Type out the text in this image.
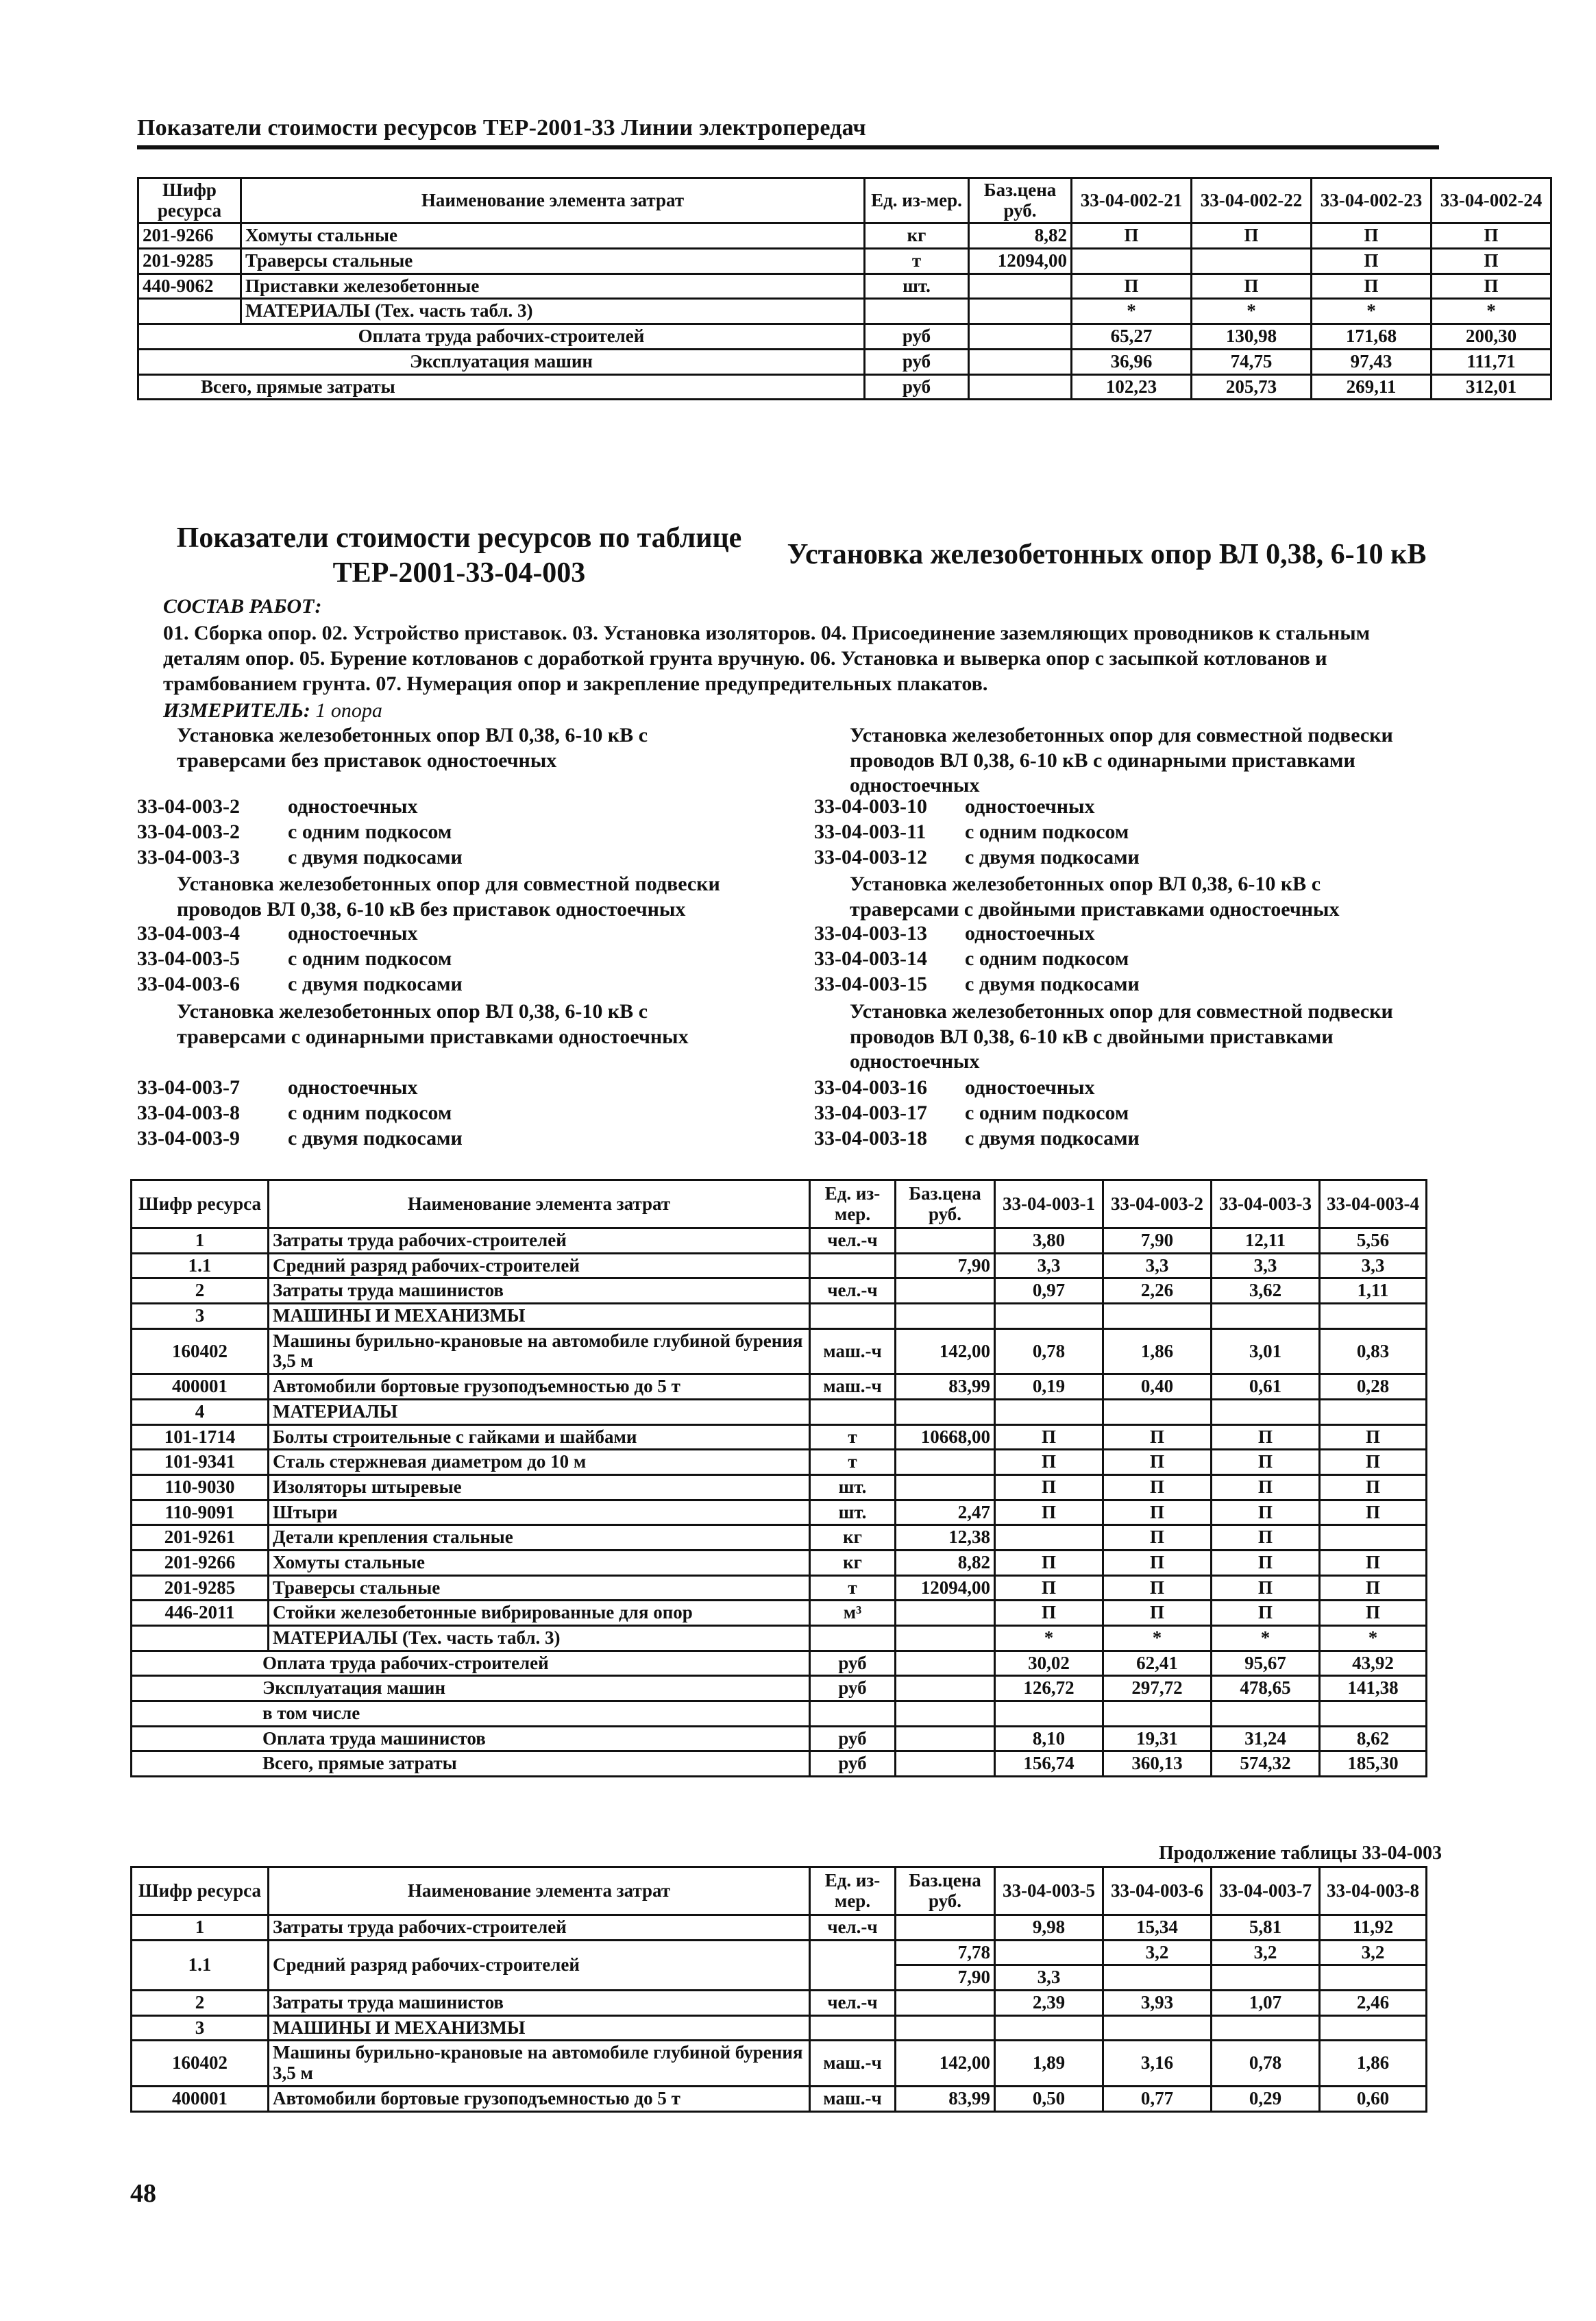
Показатели стоимости ресурсов ТЕР-2001-33 Линии электропередач
Шифр ресурса	Наименование элемента затрат	Ед. из-мер.	Баз.цена руб.	33-04-002-21	33-04-002-22	33-04-002-23	33-04-002-24
201-9266	Хомуты стальные	кг	8,82	П	П	П	П
201-9285	Траверсы стальные	т	12094,00			П	П
440-9062	Приставки железобетонные	шт.		П	П	П	П
	МАТЕРИАЛЫ (Тех. часть табл. 3)			*	*	*	*
Оплата труда рабочих-строителей		руб		65,27	130,98	171,68	200,30
Эксплуатация машин		руб		36,96	74,75	97,43	111,71
Всего, прямые затраты		руб		102,23	205,73	269,11	312,01
Показатели стоимости ресурсов по таблице ТЕР-2001-33-04-003
Установка железобетонных опор ВЛ 0,38, 6-10 кВ
СОСТАВ РАБОТ:
01. Сборка опор. 02. Устройство приставок. 03. Установка изоляторов. 04. Присоединение заземляющих проводников к стальным деталям опор. 05. Бурение котлованов с доработкой грунта вручную. 06. Установка и выверка опор с засыпкой котлованов и трамбованием грунта. 07. Нумерация опор и закрепление предупредительных плакатов.
ИЗМЕРИТЕЛЬ: 1 опора
Установка железобетонных опор ВЛ 0,38, 6-10 кВ с траверсами без приставок одностоечных
33-04-003-2 одностоечных
33-04-003-2 с одним подкосом
33-04-003-3 с двумя подкосами
Установка железобетонных опор для совместной подвески проводов ВЛ 0,38, 6-10 кВ без приставок одностоечных
33-04-003-4 одностоечных
33-04-003-5 с одним подкосом
33-04-003-6 с двумя подкосами
Установка железобетонных опор ВЛ 0,38, 6-10 кВ с траверсами с одинарными приставками одностоечных
33-04-003-7 одностоечных
33-04-003-8 с одним подкосом
33-04-003-9 с двумя подкосами
Установка железобетонных опор для совместной подвески проводов ВЛ 0,38, 6-10 кВ с одинарными приставками одностоечных
33-04-003-10 одностоечных
33-04-003-11 с одним подкосом
33-04-003-12 с двумя подкосами
Установка железобетонных опор ВЛ 0,38, 6-10 кВ с траверсами с двойными приставками одностоечных
33-04-003-13 одностоечных
33-04-003-14 с одним подкосом
33-04-003-15 с двумя подкосами
Установка железобетонных опор для совместной подвески проводов ВЛ 0,38, 6-10 кВ с двойными приставками одностоечных
33-04-003-16 одностоечных
33-04-003-17 с одним подкосом
33-04-003-18 с двумя подкосами
Шифр ресурса	Наименование элемента затрат	Ед. из-мер.	Баз.цена руб.	33-04-003-1	33-04-003-2	33-04-003-3	33-04-003-4
1	Затраты труда рабочих-строителей	чел.-ч		3,80	7,90	12,11	5,56
1.1	Средний разряд рабочих-строителей		7,90	3,3	3,3	3,3	3,3
2	Затраты труда машинистов	чел.-ч		0,97	2,26	3,62	1,11
3	МАШИНЫ И МЕХАНИЗМЫ						
160402	Машины бурильно-крановые на автомобиле глубиной бурения 3,5 м	маш.-ч	142,00	0,78	1,86	3,01	0,83
400001	Автомобили бортовые грузоподъемностью до 5 т	маш.-ч	83,99	0,19	0,40	0,61	0,28
4	МАТЕРИАЛЫ						
101-1714	Болты строительные с гайками и шайбами	т	10668,00	П	П	П	П
101-9341	Сталь стержневая диаметром до 10 м	т		П	П	П	П
110-9030	Изоляторы штыревые	шт.		П	П	П	П
110-9091	Штыри	шт.	2,47	П	П	П	П
201-9261	Детали крепления стальные	кг	12,38		П	П	
201-9266	Хомуты стальные	кг	8,82	П	П	П	П
201-9285	Траверсы стальные	т	12094,00	П	П	П	П
446-2011	Стойки железобетонные вибрированные для опор	м³		П	П	П	П
	МАТЕРИАЛЫ (Тех. часть табл. 3)			*	*	*	*
Оплата труда рабочих-строителей		руб		30,02	62,41	95,67	43,92
Эксплуатация машин		руб		126,72	297,72	478,65	141,38
в том числе							
Оплата труда машинистов		руб		8,10	19,31	31,24	8,62
Всего, прямые затраты		руб		156,74	360,13	574,32	185,30
Продолжение таблицы 33-04-003
Шифр ресурса	Наименование элемента затрат	Ед. из-мер.	Баз.цена руб.	33-04-003-5	33-04-003-6	33-04-003-7	33-04-003-8
1	Затраты труда рабочих-строителей	чел.-ч		9,98	15,34	5,81	11,92
1.1	Средний разряд рабочих-строителей		7,78		3,2	3,2	3,2
			7,90	3,3			
2	Затраты труда машинистов	чел.-ч		2,39	3,93	1,07	2,46
3	МАШИНЫ И МЕХАНИЗМЫ						
160402	Машины бурильно-крановые на автомобиле глубиной бурения 3,5 м	маш.-ч	142,00	1,89	3,16	0,78	1,86
400001	Автомобили бортовые грузоподъемностью до 5 т	маш.-ч	83,99	0,50	0,77	0,29	0,60
48
